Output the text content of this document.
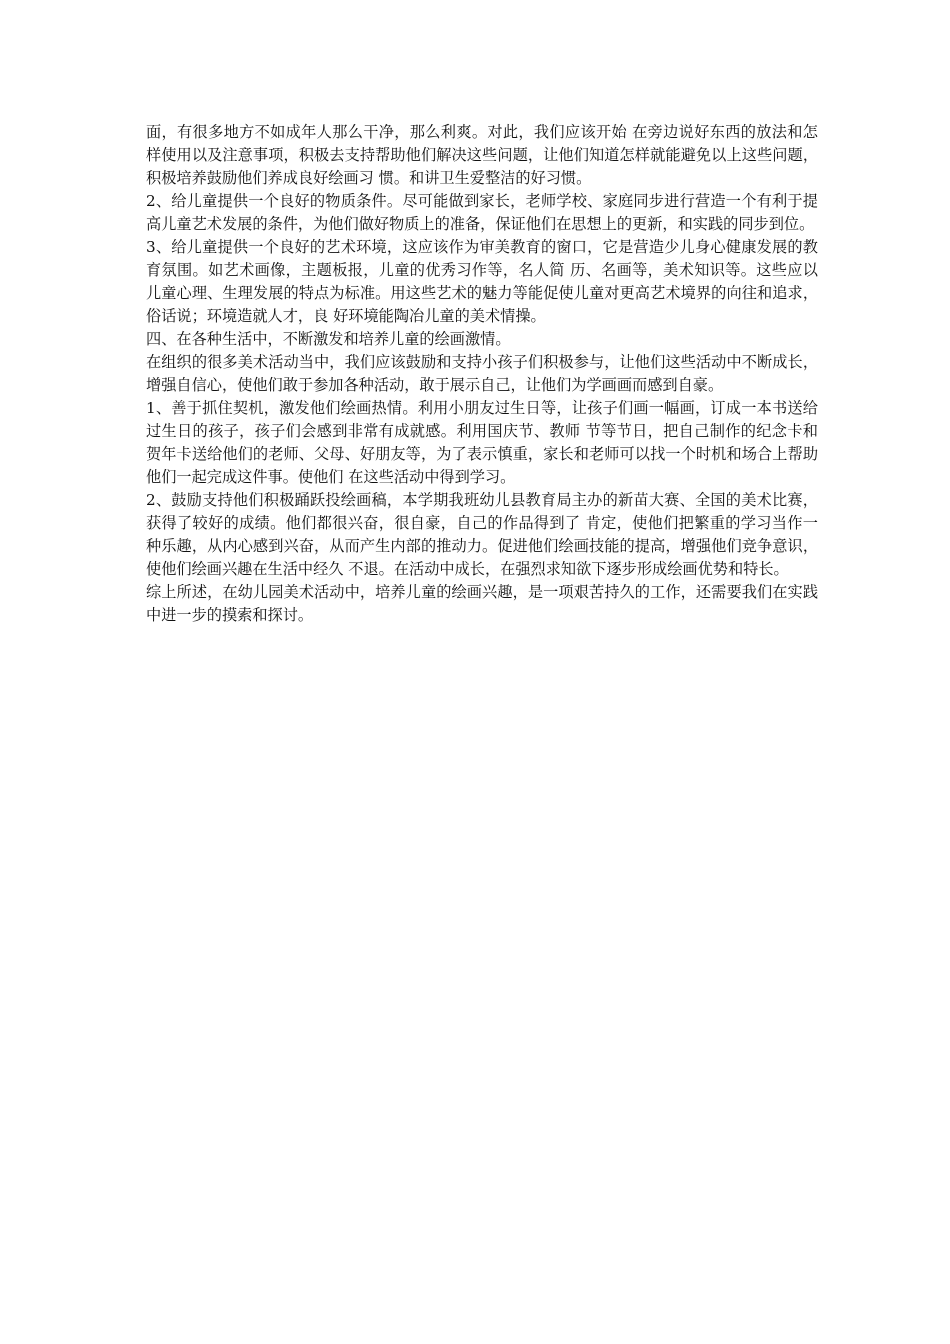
面，有很多地方不如成年人那么干净，那么利爽。对此，我们应该开始 在旁边说好东西的放法和怎样使用以及注意事项，积极去支持帮助他们解决这些问题，让他们知道怎样就能避免以上这些问题，积极培养鼓励他们养成良好绘画习 惯。和讲卫生爱整洁的好习惯。

2、给儿童提供一个良好的物质条件。尽可能做到家长，老师学校、家庭同步进行营造一个有利于提高儿童艺术发展的条件，为他们做好物质上的准备，保证他们在思想上的更新，和实践的同步到位。

3、给儿童提供一个良好的艺术环境，这应该作为审美教育的窗口，它是营造少儿身心健康发展的教育氛围。如艺术画像，主题板报，儿童的优秀习作等，名人简 历、名画等，美术知识等。这些应以儿童心理、生理发展的特点为标准。用这些艺术的魅力等能促使儿童对更高艺术境界的向往和追求，俗话说；环境造就人才，良 好环境能陶冶儿童的美术情操。

四、在各种生活中，不断激发和培养儿童的绘画激情。

在组织的很多美术活动当中，我们应该鼓励和支持小孩子们积极参与，让他们这些活动中不断成长，增强自信心，使他们敢于参加各种活动，敢于展示自己，让他们为学画画而感到自豪。

1、善于抓住契机，激发他们绘画热情。利用小朋友过生日等，让孩子们画一幅画，订成一本书送给过生日的孩子，孩子们会感到非常有成就感。利用国庆节、教师 节等节日，把自己制作的纪念卡和贺年卡送给他们的老师、父母、好朋友等，为了表示慎重，家长和老师可以找一个时机和场合上帮助他们一起完成这件事。使他们 在这些活动中得到学习。

2、鼓励支持他们积极踊跃投绘画稿，本学期我班幼儿县教育局主办的新苗大赛、全国的美术比赛，获得了较好的成绩。他们都很兴奋，很自豪，自己的作品得到了 肯定，使他们把繁重的学习当作一种乐趣，从内心感到兴奋，从而产生内部的推动力。促进他们绘画技能的提高，增强他们竞争意识，使他们绘画兴趣在生活中经久 不退。在活动中成长，在强烈求知欲下逐步形成绘画优势和特长。

综上所述，在幼儿园美术活动中，培养儿童的绘画兴趣，是一项艰苦持久的工作，还需要我们在实践中进一步的摸索和探讨。
